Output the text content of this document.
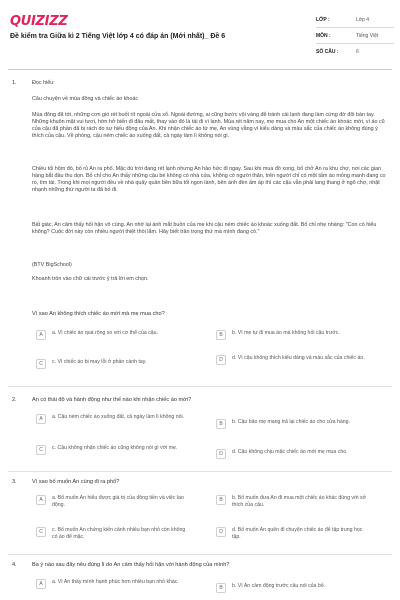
QUIZIZZ
Đề kiểm tra Giữa kì 2 Tiếng Việt lớp 4 có đáp án (Mới nhất)_ Đề 6
LỚP :	Lớp 4
MÔN :	Tiếng Việt
SỐ CÂU :	6
1.	Đọc hiểu:
Câu chuyện về mùa đông và chiếc áo khoác
Mùa đông đã tới, những cơn gió rét buốt rít ngoài cửa sổ. Ngoài đường, ai cũng bước vội vàng để tránh cái lạnh đang làm cứng đờ đôi bàn tay. Những khuôn mặt vui tươi, hớn hở biến đi đâu mất, thay vào đó là tái đi vì lạnh. Mùa rét năm nay, mẹ mua cho An một chiếc áo khoác mới, vì áo cũ của cậu đã phần đã bị rách do sự hiếu động của An. Khi nhận chiếc áo từ mẹ, An vùng vằng vì kiểu dáng và màu sắc của chiếc áo không đúng ý thích của cậu. Về phòng, cậu ném chiếc áo xuống đất, cả ngày làm lì không nói gì.
Chiều tối hôm đó, bố rủ An ra phố. Mặc dù trời đang rét lạnh nhưng An hào hức đi ngay. Sau khi mua đồ xong, bố chở An ra khu chợ, nơi các gian hàng bắt đầu thu dọn. Bố chỉ cho An thấy những cậu bé không có nhà cửa, không có người thân, trên người chỉ có một tấm áo mỏng manh đang co ro, tìm tài. Trong khi mọi người đều về nhà quây quần bên bữa tối ngon lành, bên ánh đèn ấm áp thì các cậu vẫn phải lang thang ở ngõ chợ, nhặt nhạnh những thứ người ta đã bỏ đi.
Bất giác, An cảm thấy hối hận vô cùng. An nhớ lại ánh mắt buồn của mẹ khi cậu ném chiếc áo khoác xuống đất. Bố chỉ nhẹ nhàng: "Con có hiểu không? Cuộc đời này còn nhiều người thiệt thòi lắm. Hãy biết trân trọng thứ mà mình đang có."
(BTV BigSchool)
Khoanh tròn vào chữ cái trước ý trả lời em chọn.
Vì sao An không thích chiếc áo mới mà mẹ mua cho?
A	a. Vì chiếc áo quá rộng so với cơ thể của cậu.	B	b. Vì mẹ tự đi mua áo mà không hỏi cậu trước.
C	c. Vì chiếc áo bị may lỗi ở phần cánh tay.	D	d. Vì cậu không thích kiểu dáng và màu sắc của chiếc áo.
2.	An có thái độ và hành động như thế nào khi nhận chiếc áo mới?
A	a. Cậu ném chiếc áo xuống đất, cả ngày làm lì không nói.
B	b. Cậu bảo mẹ mang trả lại chiếc áo cho cửa hàng.
C	c. Cậu không nhận chiếc áo cũng không nói gì với mẹ.
D	d. Cậu không chịu mặc chiếc áo mới mẹ mua cho.
3.	Vì sao bố muốn An cùng đi ra phố?
A	a. Bố muốn An hiểu được giá trị của đồng tiền và việc lao động.
B	b. Bố muốn đưa An đi mua một chiếc áo khác đúng với sở thích của cậu.
C	c. Bố muốn An chứng kiến cảnh nhiều bạn nhỏ còn không có áo để mặc.
D	d. Bố muốn An quên đi chuyện chiếc áo để tập trung học tập.
4.	Ba ý nào sau đây nêu đúng lí do An cảm thấy hối hận với hành động của mình?
A	a. Vì An thấy mình hạnh phúc hơn nhiều bạn nhỏ khác.
B	b. Vì An cảm động trước câu nói của bố.
